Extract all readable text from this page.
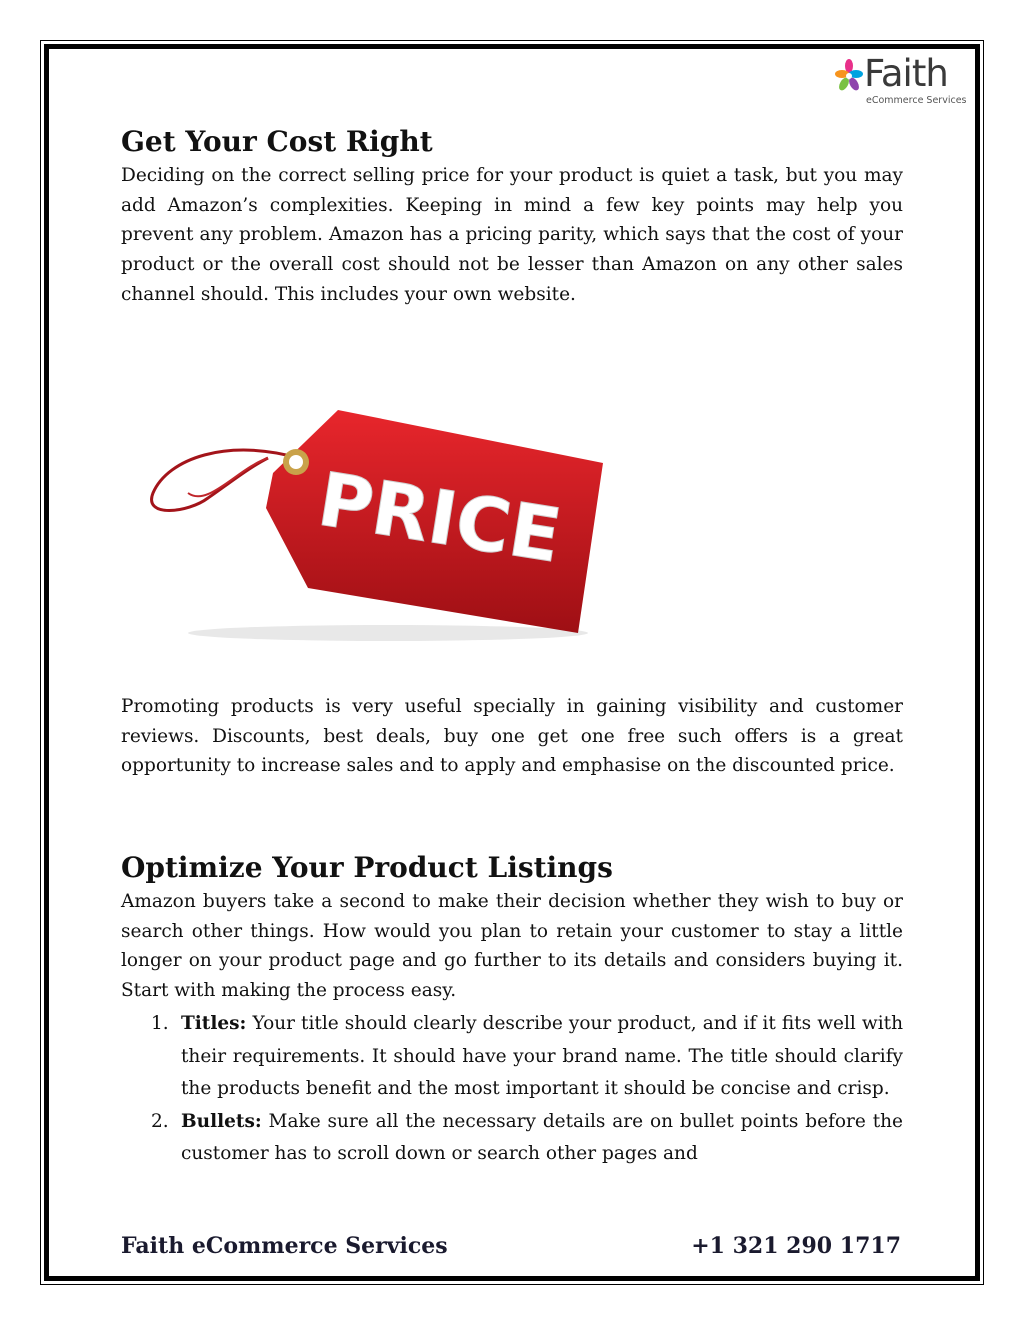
Faith
eCommerce Services
Get Your Cost Right

Deciding on the correct selling price for your product is quiet a task, but you may add Amazon’s complexities. Keeping in mind a few key points may help you prevent any problem. Amazon has a pricing parity, which says that the cost of your product or the overall cost should not be lesser than Amazon on any other sales channel should. This includes your own website.

PRICE

Promoting products is very useful specially in gaining visibility and customer reviews. Discounts, best deals, buy one get one free such offers is a great opportunity to increase sales and to apply and emphasise on the discounted price.

Optimize Your Product Listings

Amazon buyers take a second to make their decision whether they wish to buy or search other things. How would you plan to retain your customer to stay a little longer on your product page and go further to its details and considers buying it. Start with making the process easy.

1. Titles: Your title should clearly describe your product, and if it fits well with their requirements. It should have your brand name. The title should clarify the products benefit and the most important it should be concise and crisp.
2. Bullets: Make sure all the necessary details are on bullet points before the customer has to scroll down or search other pages and
Faith eCommerce Services	+1 321 290 1717
